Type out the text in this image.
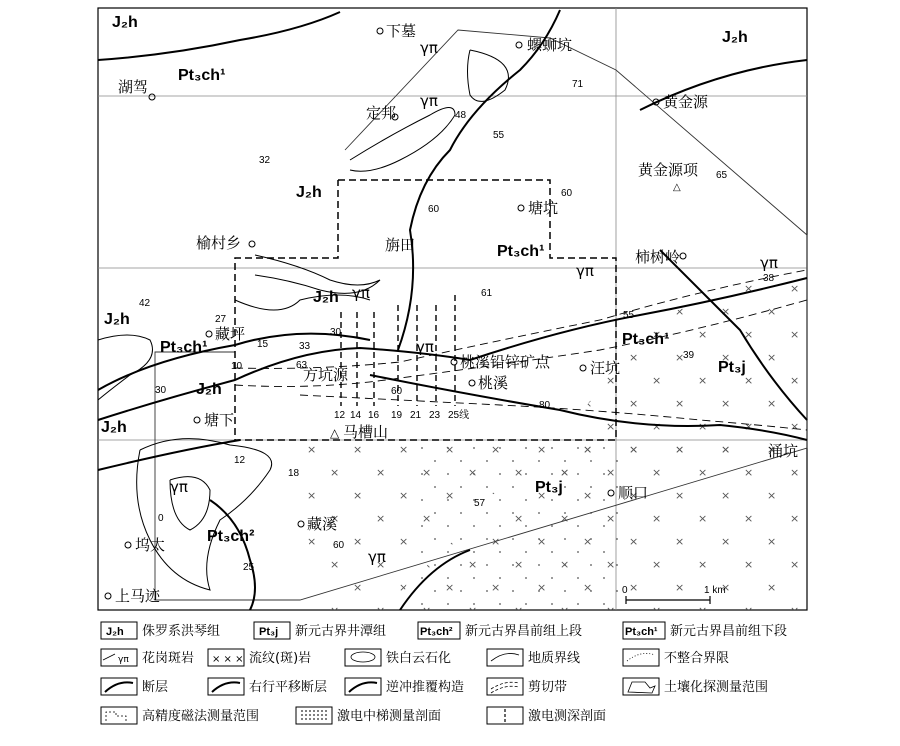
J₂h
Pt₃ch¹
J₂h
J₂h
Pt₃ch¹
J₂h
J₂h
Pt₃ch¹
J₂h
J₂h
Pt₃ch¹
Pt₃j
Pt₃j
Pt₃ch²
下墓
螺蛳坑
湖驾
黄金源
定邦
黄金源项
塘坑
榆村乡	旃田
柿树岭
藏坪
方坑源
桃溪铅锌矿点	汪坑
桃溪
塘下
马槽山
涌坑
顺口
藏溪
坞太
上马迹
△
△
γπ
γπ
γπ
γπ	γπ
γπ
γπ
γπ
71
48
55
65
60
32
60
61
38
42
27
15
30
55
33
10
30
63
39
60
80
12
18
57
25
60
0
12 14 16 19 21 23 25线
0	1 km
J₂h 侏罗系洪琴组	Pt₃j 新元古界井潭组	Pt₃ch² 新元古界昌前组上段	Pt₃ch¹ 新元古界昌前组下段
γπ 花岗斑岩 × × × 流纹(斑)岩	铁白云石化	地质界线	不整合界限
断层	右行平移断层	逆冲推覆构造	剪切带	土壤化探测量范围
高精度磁法测量范围	激电中梯测量剖面	激电测深剖面
